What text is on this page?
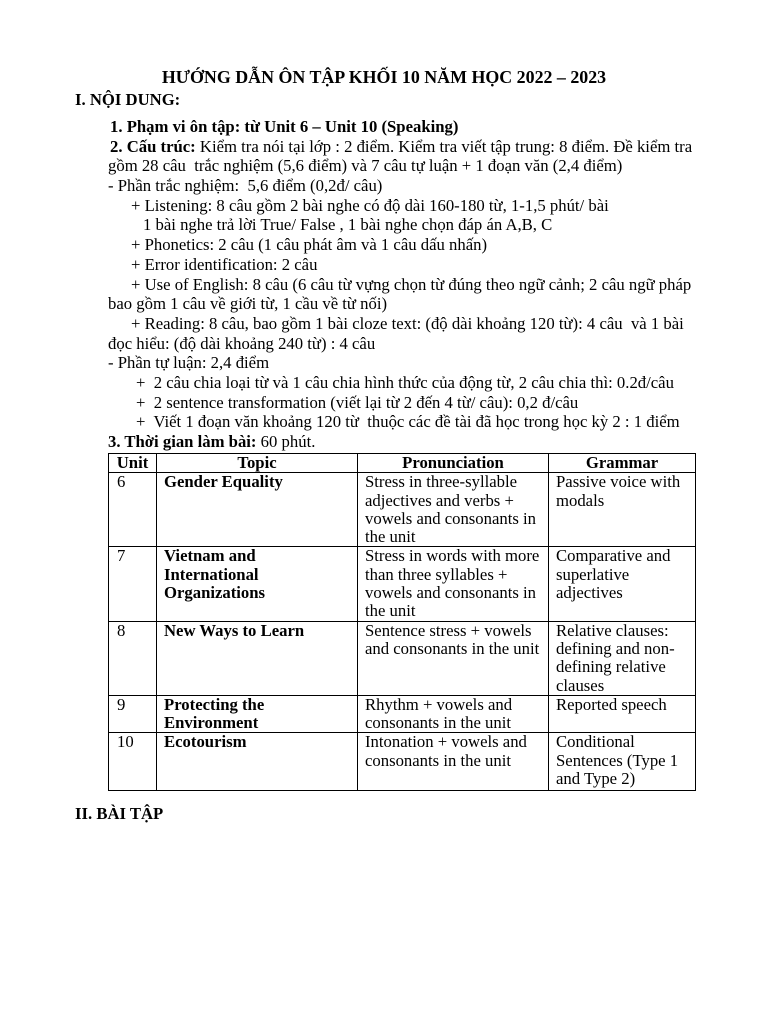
HƯỚNG DẪN ÔN TẬP KHỐI 10 NĂM HỌC 2022 – 2023
I. NỘI DUNG:
1. Phạm vi ôn tập: từ Unit 6 – Unit 10 (Speaking)
2. Cấu trúc: Kiểm tra nói tại lớp : 2 điểm. Kiểm tra viết tập trung: 8 điểm. Đề kiểm tra
gồm 28 câu  trắc nghiệm (5,6 điểm) và 7 câu tự luận + 1 đoạn văn (2,4 điểm)
- Phần trắc nghiệm:  5,6 điểm (0,2đ/ câu)
+ Listening: 8 câu gồm 2 bài nghe có độ dài 160-180 từ, 1-1,5 phút/ bài
1 bài nghe trả lời True/ False , 1 bài nghe chọn đáp án A,B, C
+ Phonetics: 2 câu (1 câu phát âm và 1 câu dấu nhấn)
+ Error identification: 2 câu
+ Use of English: 8 câu (6 câu từ vựng chọn từ đúng theo ngữ cảnh; 2 câu ngữ pháp
bao gồm 1 câu về giới từ, 1 cầu về từ nối)
+ Reading: 8 câu, bao gồm 1 bài cloze text: (độ dài khoảng 120 từ): 4 câu  và 1 bài
đọc hiểu: (độ dài khoảng 240 từ) : 4 câu
- Phần tự luận: 2,4 điểm
+  2 câu chia loại từ và 1 câu chia hình thức của động từ, 2 câu chia thì: 0.2đ/câu
+  2 sentence transformation (viết lại từ 2 đến 4 từ/ câu): 0,2 đ/câu
+  Viết 1 đoạn văn khoảng 120 từ  thuộc các đề tài đã học trong học kỳ 2 : 1 điểm
3. Thời gian làm bài: 60 phút.
Unit	Topic	Pronunciation	Grammar
6	Gender Equality	Stress in three-syllable adjectives and verbs + vowels and consonants in the unit	Passive voice with modals
7	Vietnam and International Organizations	Stress in words with more than three syllables + vowels and consonants in the unit	Comparative and superlative adjectives
8	New Ways to Learn	Sentence stress + vowels and consonants in the unit	Relative clauses: defining and non-defining relative clauses
9	Protecting the Environment	Rhythm + vowels and consonants in the unit	Reported speech
10	Ecotourism	Intonation + vowels and consonants in the unit	Conditional Sentences (Type 1 and Type 2)
II. BÀI TẬP
